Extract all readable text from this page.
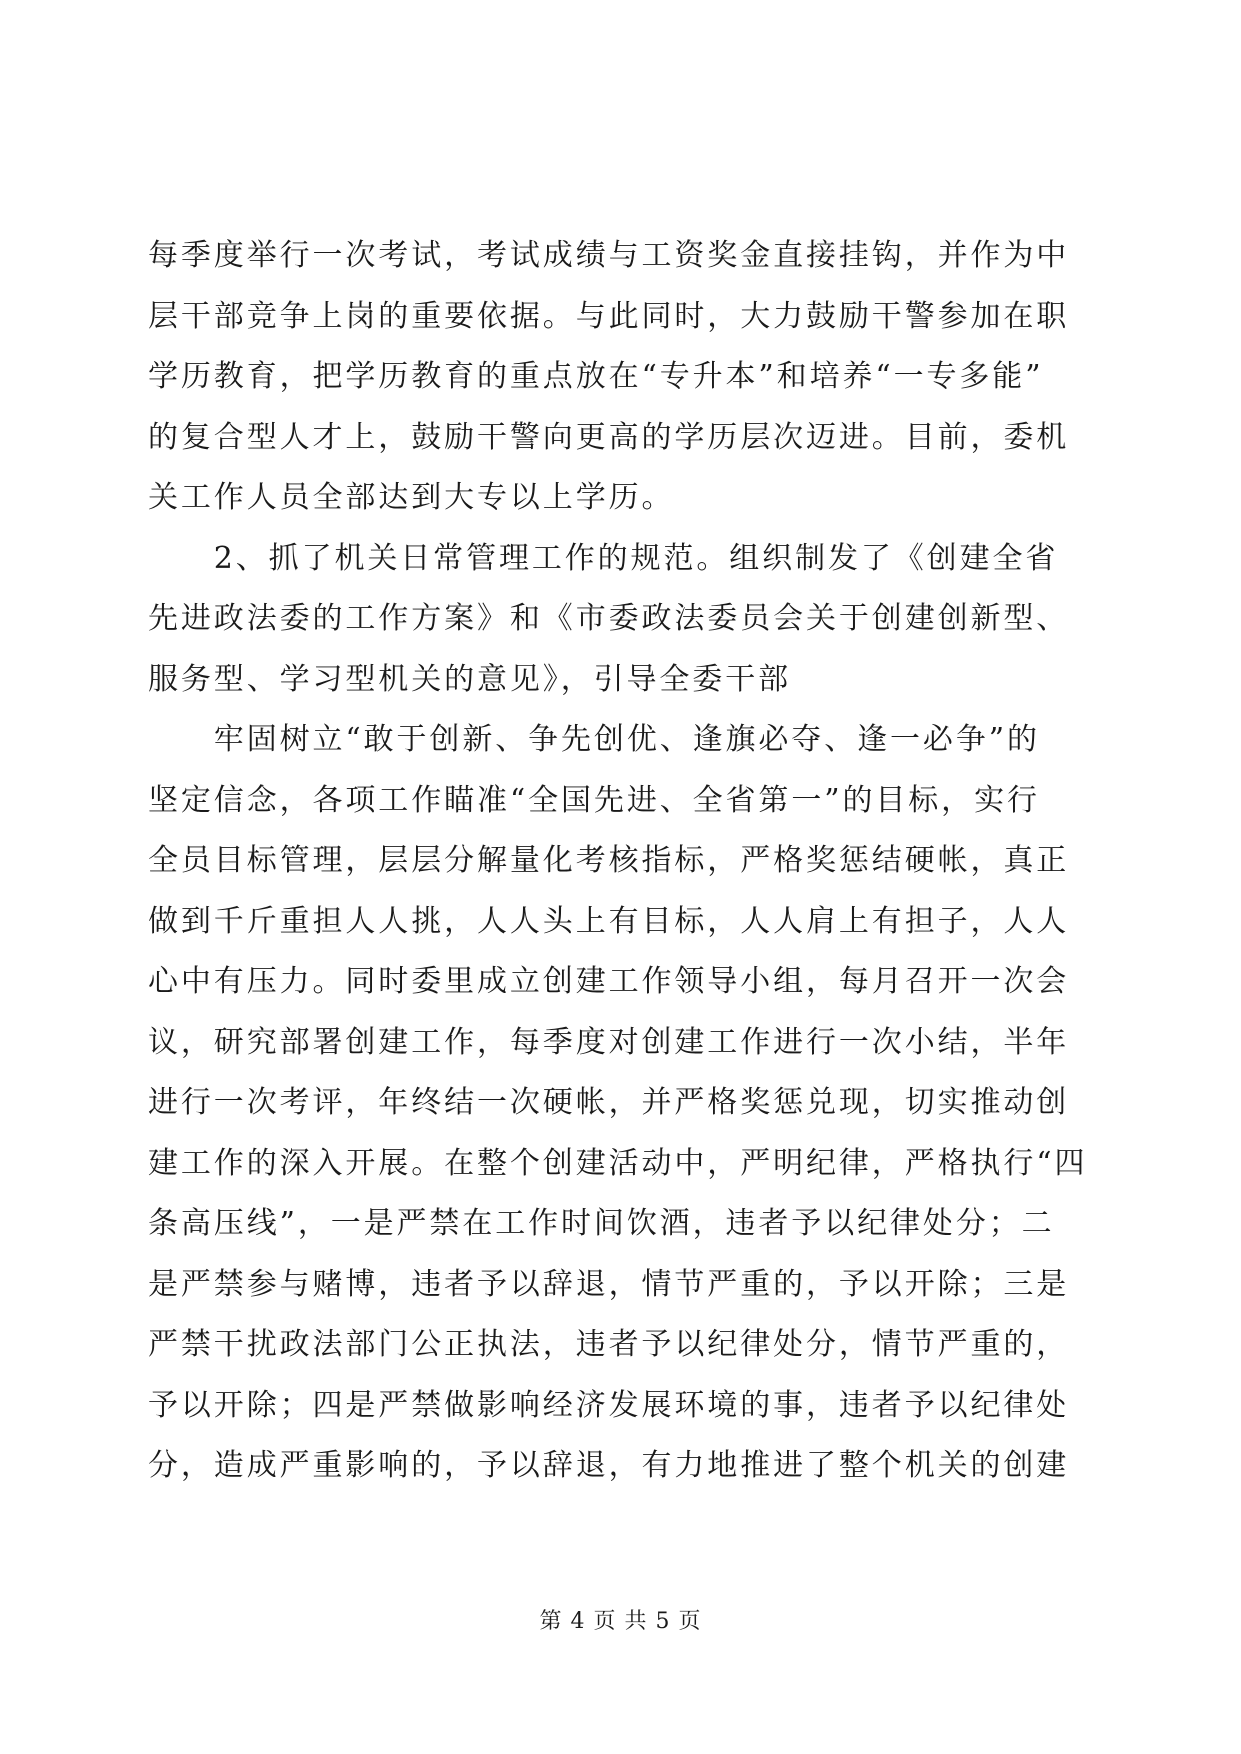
每季度举行一次考试，考试成绩与工资奖金直接挂钩，并作为中
层干部竞争上岗的重要依据。与此同时，大力鼓励干警参加在职
学历教育，把学历教育的重点放在“专升本”和培养“一专多能”
的复合型人才上，鼓励干警向更高的学历层次迈进。目前，委机
关工作人员全部达到大专以上学历。
　　2、抓了机关日常管理工作的规范。组织制发了《创建全省
先进政法委的工作方案》和《市委政法委员会关于创建创新型、
服务型、学习型机关的意见》，引导全委干部
　　牢固树立“敢于创新、争先创优、逢旗必夺、逢一必争”的
坚定信念，各项工作瞄准“全国先进、全省第一”的目标，实行
全员目标管理，层层分解量化考核指标，严格奖惩结硬帐，真正
做到千斤重担人人挑，人人头上有目标，人人肩上有担子，人人
心中有压力。同时委里成立创建工作领导小组，每月召开一次会
议，研究部署创建工作，每季度对创建工作进行一次小结，半年
进行一次考评，年终结一次硬帐，并严格奖惩兑现，切实推动创
建工作的深入开展。在整个创建活动中，严明纪律，严格执行“四
条高压线”，一是严禁在工作时间饮酒，违者予以纪律处分；二
是严禁参与赌博，违者予以辞退，情节严重的，予以开除；三是
严禁干扰政法部门公正执法，违者予以纪律处分，情节严重的，
予以开除；四是严禁做影响经济发展环境的事，违者予以纪律处
分，造成严重影响的，予以辞退，有力地推进了整个机关的创建
第 4 页 共 5 页
